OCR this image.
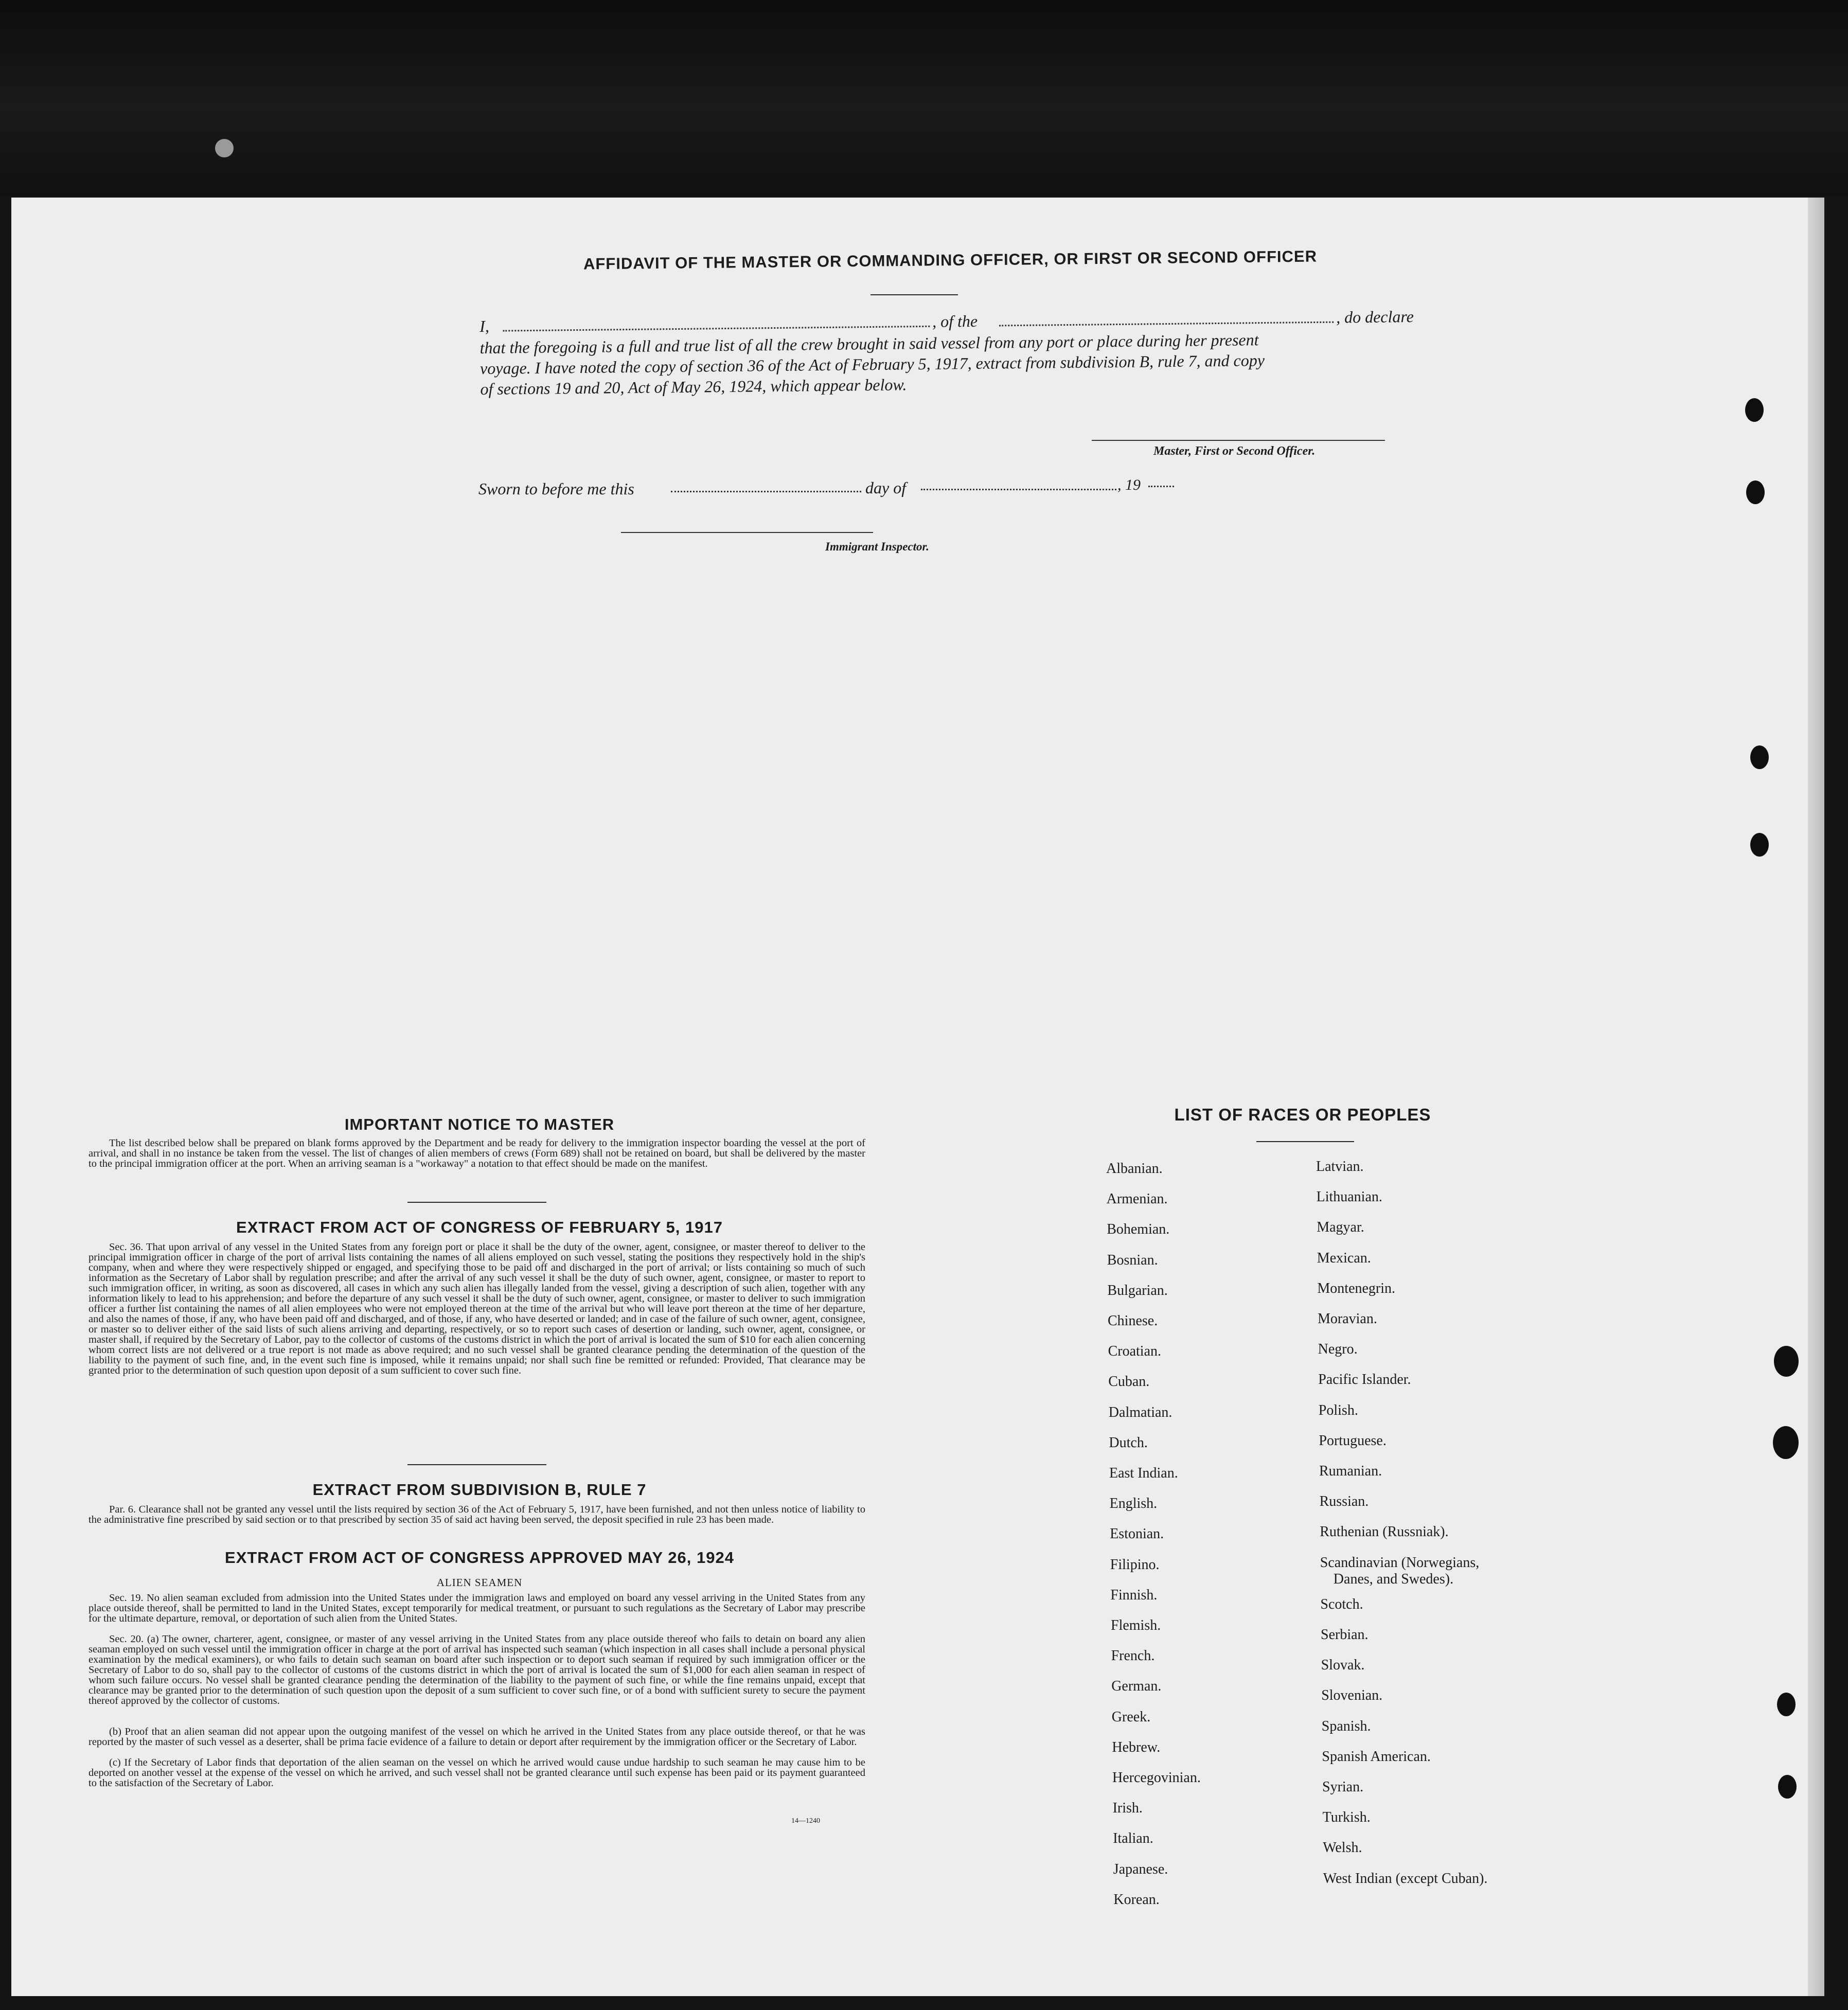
AFFIDAVIT OF THE MASTER OR COMMANDING OFFICER, OR FIRST OR SECOND OFFICER
I,	, of the	, do declare
that the foregoing is a full and true list of all the crew brought in said vessel from any port or place during her present
voyage. I have noted the copy of section 36 of the Act of February 5, 1917, extract from subdivision B, rule 7, and copy
of sections 19 and 20, Act of May 26, 1924, which appear below.
Master, First or Second Officer.
Sworn to before me this	day of	, 19
Immigrant Inspector.
IMPORTANT NOTICE TO MASTER
The list described below shall be prepared on blank forms approved by the Department and be ready for delivery to the immigration inspector boarding the vessel at the port of arrival, and shall in no instance be taken from the vessel. The list of changes of alien members of crews (Form 689) shall not be retained on board, but shall be delivered by the master to the principal immigration officer at the port. When an arriving seaman is a "workaway" a notation to that effect should be made on the manifest.
EXTRACT FROM ACT OF CONGRESS OF FEBRUARY 5, 1917
Sec. 36. That upon arrival of any vessel in the United States from any foreign port or place it shall be the duty of the owner, agent, consignee, or master thereof to deliver to the principal immigration officer in charge of the port of arrival lists containing the names of all aliens employed on such vessel, stating the positions they respectively hold in the ship's company, when and where they were respectively shipped or engaged, and specifying those to be paid off and discharged in the port of arrival; or lists containing so much of such information as the Secretary of Labor shall by regulation prescribe; and after the arrival of any such vessel it shall be the duty of such owner, agent, consignee, or master to report to such immigration officer, in writing, as soon as discovered, all cases in which any such alien has illegally landed from the vessel, giving a description of such alien, together with any information likely to lead to his apprehension; and before the departure of any such vessel it shall be the duty of such owner, agent, consignee, or master to deliver to such immigration officer a further list containing the names of all alien employees who were not employed thereon at the time of the arrival but who will leave port thereon at the time of her departure, and also the names of those, if any, who have been paid off and discharged, and of those, if any, who have deserted or landed; and in case of the failure of such owner, agent, consignee, or master so to deliver either of the said lists of such aliens arriving and departing, respectively, or so to report such cases of desertion or landing, such owner, agent, consignee, or master shall, if required by the Secretary of Labor, pay to the collector of customs of the customs district in which the port of arrival is located the sum of $10 for each alien concerning whom correct lists are not delivered or a true report is not made as above required; and no such vessel shall be granted clearance pending the determination of the question of the liability to the payment of such fine, and, in the event such fine is imposed, while it remains unpaid; nor shall such fine be remitted or refunded: Provided, That clearance may be granted prior to the determination of such question upon deposit of a sum sufficient to cover such fine.
EXTRACT FROM SUBDIVISION B, RULE 7
Par. 6. Clearance shall not be granted any vessel until the lists required by section 36 of the Act of February 5, 1917, have been furnished, and not then unless notice of liability to the administrative fine prescribed by said section or to that prescribed by section 35 of said act having been served, the deposit specified in rule 23 has been made.
EXTRACT FROM ACT OF CONGRESS APPROVED MAY 26, 1924
ALIEN SEAMEN
Sec. 19. No alien seaman excluded from admission into the United States under the immigration laws and employed on board any vessel arriving in the United States from any place outside thereof, shall be permitted to land in the United States, except temporarily for medical treatment, or pursuant to such regulations as the Secretary of Labor may prescribe for the ultimate departure, removal, or deportation of such alien from the United States.
Sec. 20. (a) The owner, charterer, agent, consignee, or master of any vessel arriving in the United States from any place outside thereof who fails to detain on board any alien seaman employed on such vessel until the immigration officer in charge at the port of arrival has inspected such seaman (which inspection in all cases shall include a personal physical examination by the medical examiners), or who fails to detain such seaman on board after such inspection or to deport such seaman if required by such immigration officer or the Secretary of Labor to do so, shall pay to the collector of customs of the customs district in which the port of arrival is located the sum of $1,000 for each alien seaman in respect of whom such failure occurs. No vessel shall be granted clearance pending the determination of the liability to the payment of such fine, or while the fine remains unpaid, except that clearance may be granted prior to the determination of such question upon the deposit of a sum sufficient to cover such fine, or of a bond with sufficient surety to secure the payment thereof approved by the collector of customs.
(b) Proof that an alien seaman did not appear upon the outgoing manifest of the vessel on which he arrived in the United States from any place outside thereof, or that he was reported by the master of such vessel as a deserter, shall be prima facie evidence of a failure to detain or deport after requirement by the immigration officer or the Secretary of Labor.
(c) If the Secretary of Labor finds that deportation of the alien seaman on the vessel on which he arrived would cause undue hardship to such seaman he may cause him to be deported on another vessel at the expense of the vessel on which he arrived, and such vessel shall not be granted clearance until such expense has been paid or its payment guaranteed to the satisfaction of the Secretary of Labor.
14—1240
LIST OF RACES OR PEOPLES
Albanian.
Armenian.
Bohemian.
Bosnian.
Bulgarian.
Chinese.
Croatian.
Cuban.
Dalmatian.
Dutch.
East Indian.
English.
Estonian.
Filipino.
Finnish.
Flemish.
French.
German.
Greek.
Hebrew.
Hercegovinian.
Irish.
Italian.
Japanese.
Korean.
Latvian.
Lithuanian.
Magyar.
Mexican.
Montenegrin.
Moravian.
Negro.
Pacific Islander.
Polish.
Portuguese.
Rumanian.
Russian.
Ruthenian (Russniak).
Scandinavian (Norwegians,
Danes, and Swedes).
Scotch.
Serbian.
Slovak.
Slovenian.
Spanish.
Spanish American.
Syrian.
Turkish.
Welsh.
West Indian (except Cuban).
